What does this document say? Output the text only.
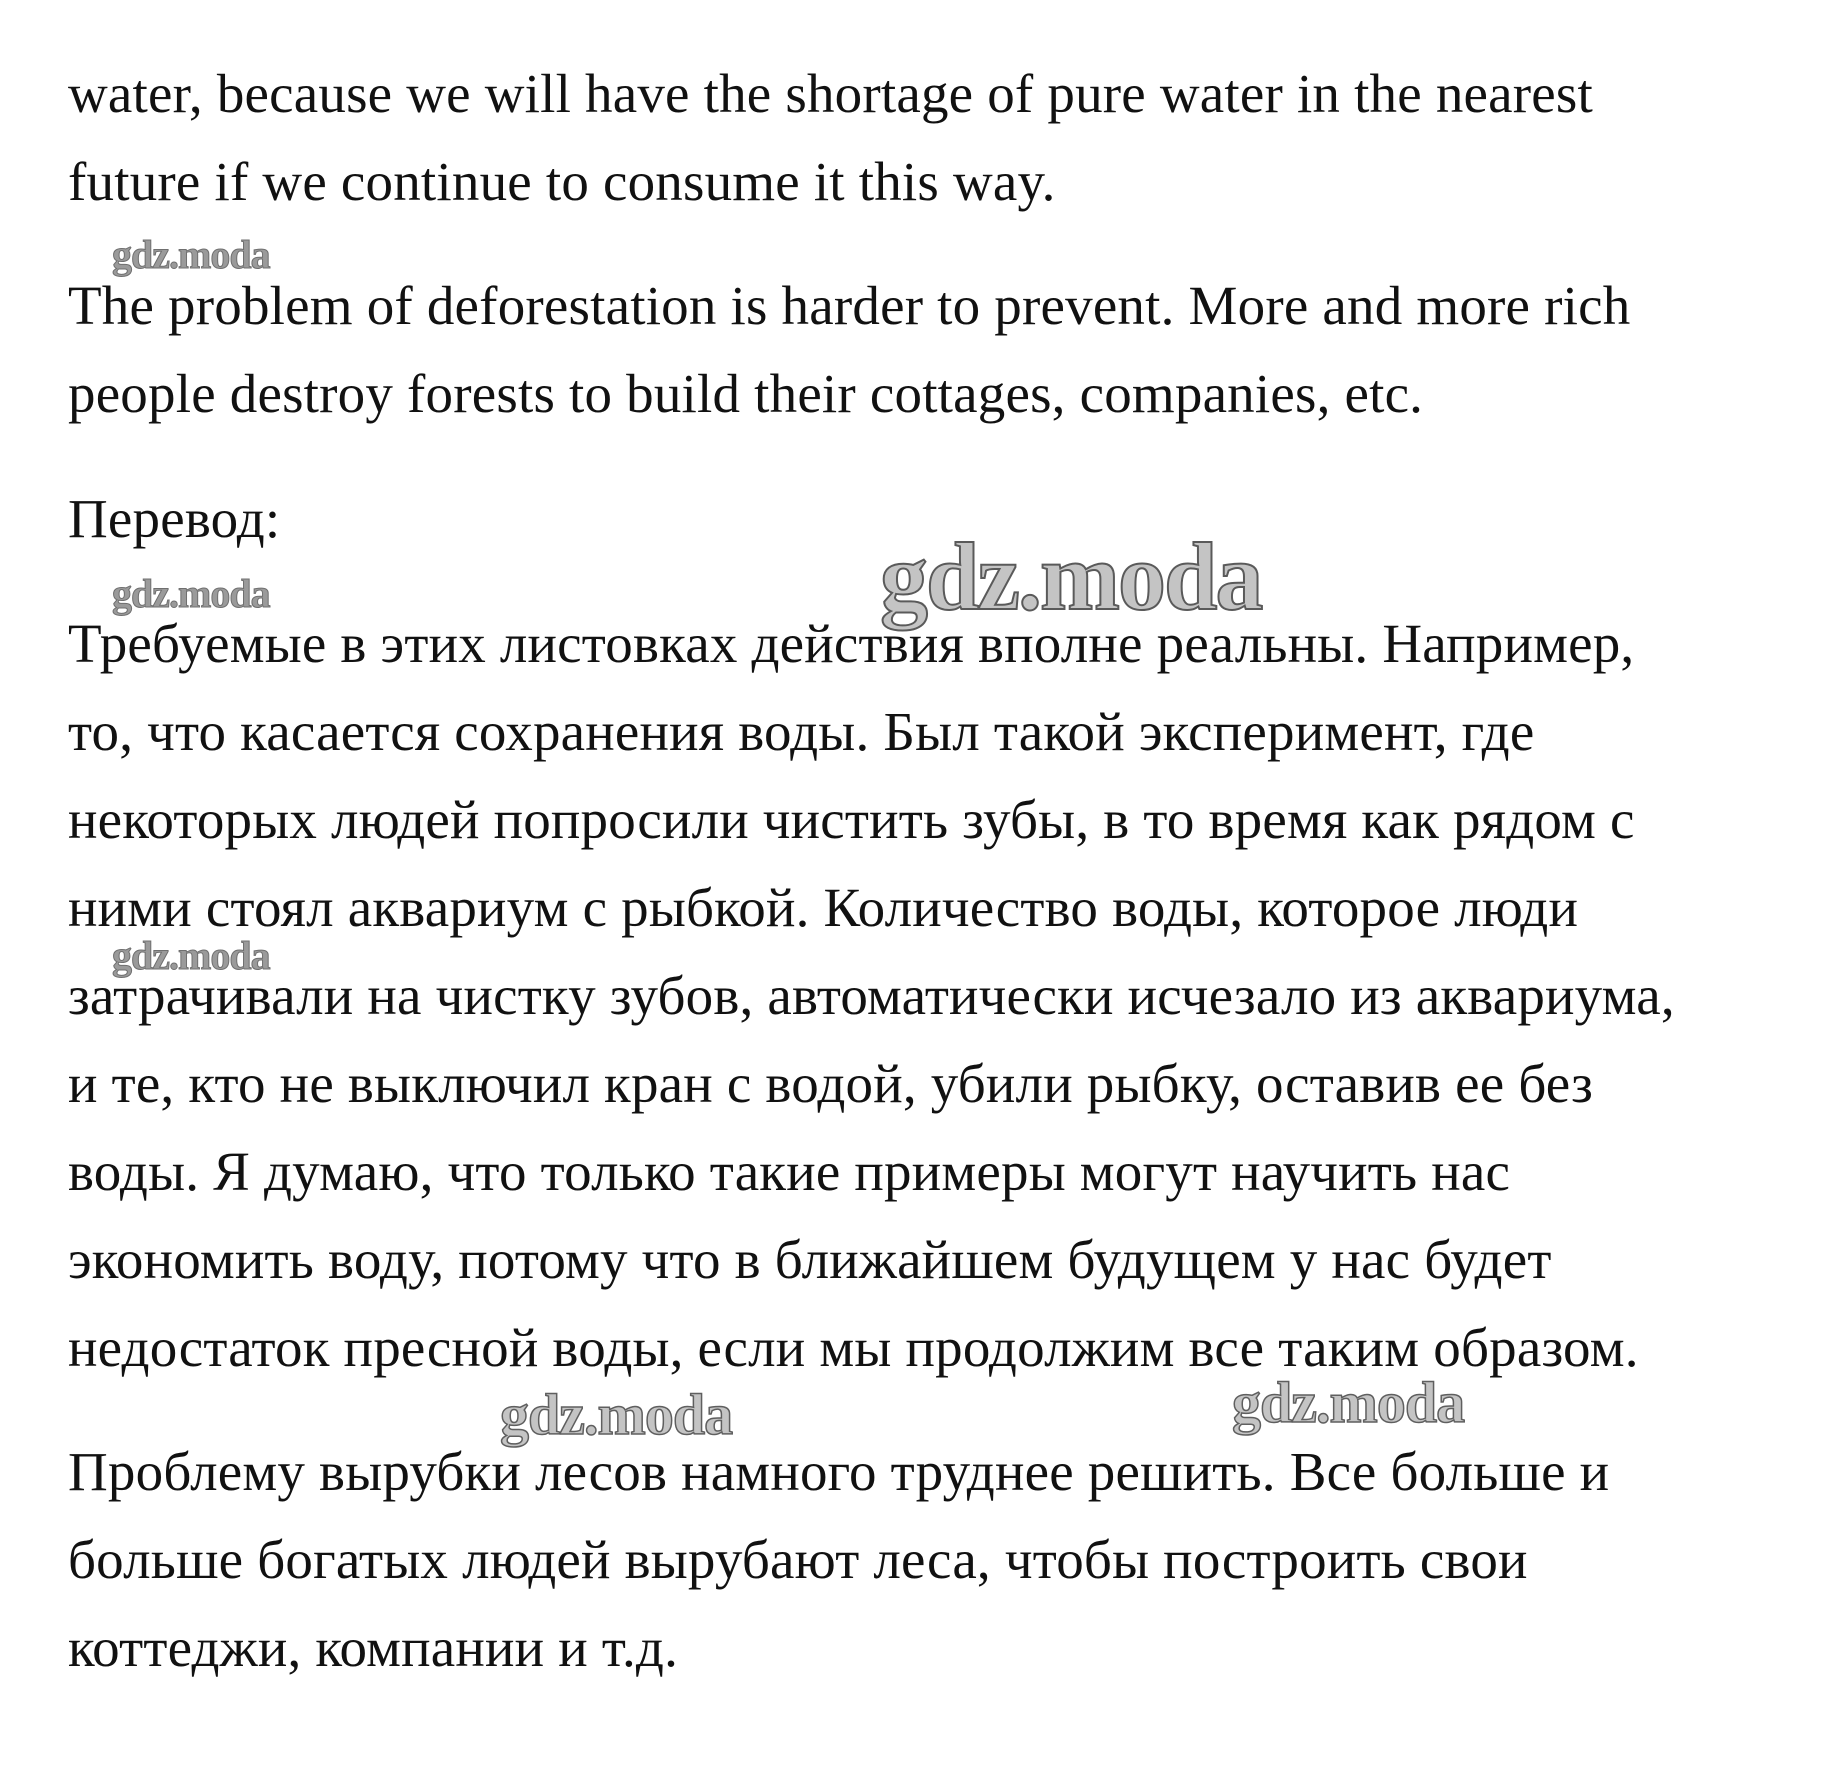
water, because we will have the shortage of pure water in the nearest
future if we continue to consume it this way.
gdz.moda
The problem of deforestation is harder to prevent. More and more rich
people destroy forests to build their cottages, companies, etc.
Перевод:
gdz.moda
gdz.moda
Требуемые в этих листовках действия вполне реальны. Например,
то, что касается сохранения воды. Был такой эксперимент, где
некоторых людей попросили чистить зубы, в то время как рядом с
ними стоял аквариум с рыбкой. Количество воды, которое люди
gdz.moda
затрачивали на чистку зубов, автоматически исчезало из аквариума,
и те, кто не выключил кран с водой, убили рыбку, оставив ее без
воды. Я думаю, что только такие примеры могут научить нас
экономить воду, потому что в ближайшем будущем у нас будет
недостаток пресной воды, если мы продолжим все таким образом.
gdz.moda	gdz.moda
Проблему вырубки лесов намного труднее решить. Все больше и
больше богатых людей вырубают леса, чтобы построить свои
коттеджи, компании и т.д.
